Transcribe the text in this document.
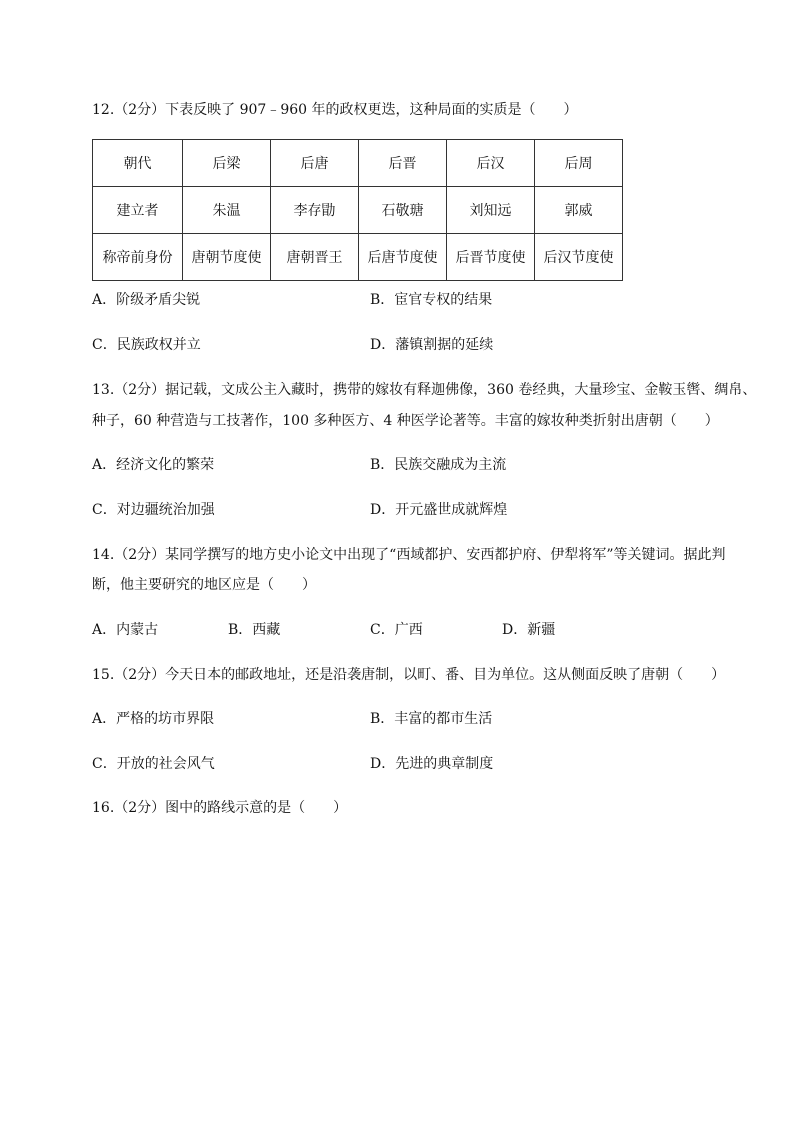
12.（2分）下表反映了 907﹣960 年的政权更迭，这种局面的实质是（　　）
朝代	后梁	后唐	后晋	后汉	后周
建立者	朱温	李存勖	石敬瑭	刘知远	郭威
称帝前身份	唐朝节度使	唐朝晋王	后唐节度使	后晋节度使	后汉节度使
A．阶级矛盾尖锐	B．宦官专权的结果
C．民族政权并立	D．藩镇割据的延续
13.（2分）据记载，文成公主入藏时，携带的嫁妆有释迦佛像，360 卷经典，大量珍宝、金鞍玉辔、绸帛、
种子，60 种营造与工技著作，100 多种医方、4 种医学论著等。丰富的嫁妆种类折射出唐朝（　　）
A．经济文化的繁荣	B．民族交融成为主流
C．对边疆统治加强	D．开元盛世成就辉煌
14.（2分）某同学撰写的地方史小论文中出现了“西域都护、安西都护府、伊犁将军”等关键词。据此判
断，他主要研究的地区应是（　　）
A．内蒙古	B．西藏	C．广西	D．新疆
15.（2分）今天日本的邮政地址，还是沿袭唐制，以町、番、目为单位。这从侧面反映了唐朝（　　）
A．严格的坊市界限	B．丰富的都市生活
C．开放的社会风气	D．先进的典章制度
16.（2分）图中的路线示意的是（　　）
